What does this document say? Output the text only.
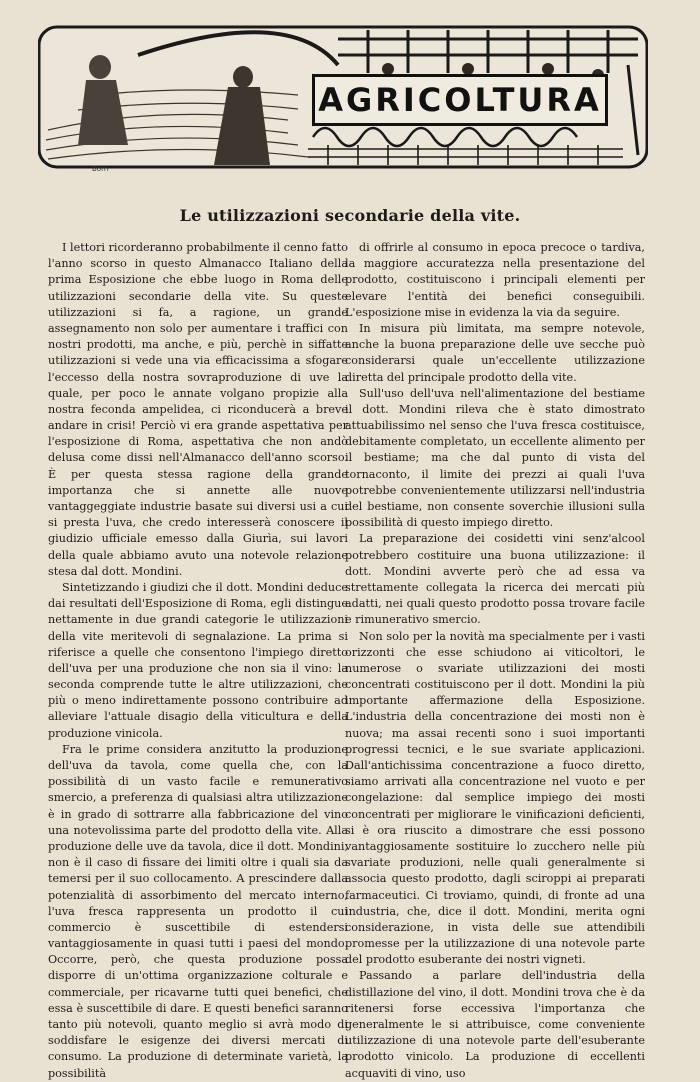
AGRICOLTURA
Borri
Le utilizzazioni secondarie della vite.

I lettori ricorderanno probabilmente il cenno fatto l'anno scorso in questo Almanacco Italiano della prima Esposizione che ebbe luogo in Roma delle utilizzazioni secondarie della vite. Su queste utilizzazioni si fa, a ragione, un grande assegnamento non solo per aumentare i traffici con nostri prodotti, ma anche, e più, perchè in siffatte utilizzazioni si vede una via efficacissima a sfogare l'eccesso della nostra sovraproduzione di uve la quale, per poco le annate volgano propizie alla nostra feconda ampelidea, ci riconducerà a breve andare in crisi! Perciò vi era grande aspettativa per l'esposizione di Roma, aspettativa che non andò delusa come dissi nell'Almanacco dell'anno scorso. È per questa stessa ragione della grande importanza che si annette alle nuove vantaggeggiate industrie basate sui diversi usi a cui si presta l'uva, che credo interesserà conoscere il giudizio ufficiale emesso dalla Giurìa, sui lavori della quale abbiamo avuto una notevole relazione stesa dal dott. Mondini.

Sintetizzando i giudizi che il dott. Mondini deduce dai resultati dell'Esposizione di Roma, egli distingue nettamente in due grandi categorie le utilizzazioni della vite meritevoli di segnalazione. La prima si riferisce a quelle che consentono l'impiego diretto dell'uva per una produzione che non sia il vino: la seconda comprende tutte le altre utilizzazioni, che più o meno indirettamente possono contribuire ad alleviare l'attuale disagio della viticultura e della produzione vinicola.

Fra le prime considera anzitutto la produzione dell'uva da tavola, come quella che, con la possibilità di un vasto facile e remunerativo smercio, a preferenza di qualsiasi altra utilizzazione è in grado di sottrarre alla fabbricazione del vino una notevolissima parte del prodotto della vite. Alla produzione delle uve da tavola, dice il dott. Mondini, non è il caso di fissare dei limiti oltre i quali sia da temersi per il suo collocamento. A prescindere dalla potenzialità di assorbimento del mercato interno, l'uva fresca rappresenta un prodotto il cui commercio è suscettibile di estendersi vantaggiosamente in quasi tutti i paesi del mondo. Occorre, però, che questa produzione possa disporre di un'ottima organizzazione colturale e commerciale, per ricavarne tutti quei benefici, che essa è suscettibile di dare. E questi benefici saranno tanto più notevoli, quanto meglio si avrà modo di soddisfare le esigenze dei diversi mercati di consumo. La produzione di determinate varietà, la possibilità

di offrirle al consumo in epoca precoce o tardiva, la maggiore accuratezza nella presentazione del prodotto, costituiscono i principali elementi per elevare l'entità dei benefici conseguibili. L'esposizione mise in evidenza la via da seguire.

In misura più limitata, ma sempre notevole, anche la buona preparazione delle uve secche può considerarsi quale un'eccellente utilizzazione diretta del principale prodotto della vite.

Sull'uso dell'uva nell'alimentazione del bestiame il dott. Mondini rileva che è stato dimostrato attuabilissimo nel senso che l'uva fresca costituisce, debitamente completato, un eccellente alimento per il bestiame; ma che dal punto di vista del tornaconto, il limite dei prezzi ai quali l'uva potrebbe convenientemente utilizzarsi nell'industria del bestiame, non consente soverchie illusioni sulla possibilità di questo impiego diretto.

La preparazione dei cosidetti vini senz'alcool potrebbero costituire una buona utilizzazione: il dott. Mondini avverte però che ad essa va strettamente collegata la ricerca dei mercati più adatti, nei quali questo prodotto possa trovare facile e rimunerativo smercio.

Non solo per la novità ma specialmente per i vasti orizzonti che esse schiudono ai viticoltori, le numerose o svariate utilizzazioni dei mosti concentrati costituiscono per il dott. Mondini la più importante affermazione della Esposizione. L'industria della concentrazione dei mosti non è nuova; ma assai recenti sono i suoi importanti progressi tecnici, e le sue svariate applicazioni. Dall'antichissima concentrazione a fuoco diretto, siamo arrivati alla concentrazione nel vuoto e per congelazione: dal semplice impiego dei mosti concentrati per migliorare le vinificazioni deficienti, si è ora riuscito a dimostrare che essi possono vantaggiosamente sostituire lo zucchero nelle più svariate produzioni, nelle quali generalmente si associa questo prodotto, dagli sciroppi ai preparati farmaceutici. Ci troviamo, quindi, di fronte ad una industria, che, dice il dott. Mondini, merita ogni considerazione, in vista delle sue attendibili promesse per la utilizzazione di una notevole parte del prodotto esuberante dei nostri vigneti.

Passando a parlare dell'industria della distillazione del vino, il dott. Mondini trova che è da ritenersi forse eccessiva l'importanza che generalmente le si attribuisce, come conveniente utilizzazione di una notevole parte dell'esuberante prodotto vinicolo. La produzione di eccellenti acquaviti di vino, uso
